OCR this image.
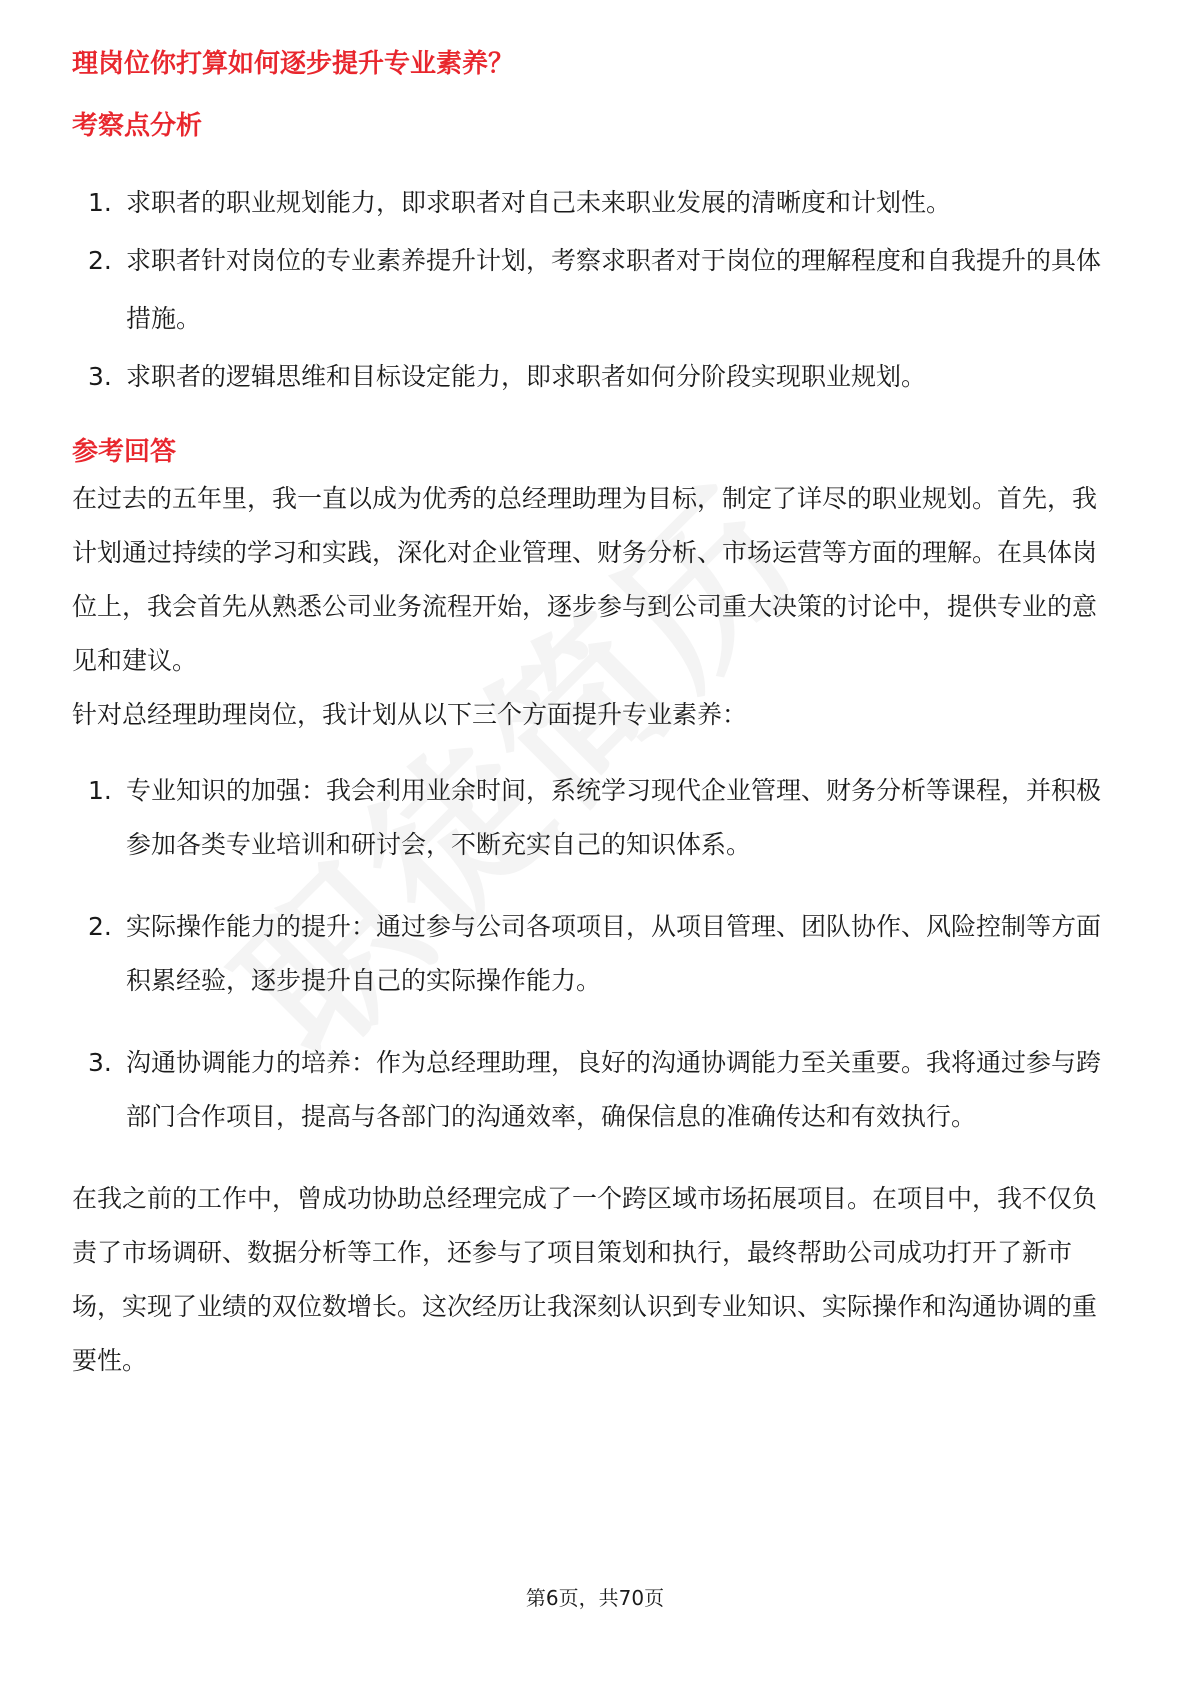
理岗位你打算如何逐步提升专业素养？
考察点分析
1. 求职者的职业规划能力，即求职者对自己未来职业发展的清晰度和计划性。
2. 求职者针对岗位的专业素养提升计划，考察求职者对于岗位的理解程度和自我提升的具体措施。
3. 求职者的逻辑思维和目标设定能力，即求职者如何分阶段实现职业规划。
参考回答

在过去的五年里，我一直以成为优秀的总经理助理为目标，制定了详尽的职业规划。首先，我计划通过持续的学习和实践，深化对企业管理、财务分析、市场运营等方面的理解。在具体岗位上，我会首先从熟悉公司业务流程开始，逐步参与到公司重大决策的讨论中，提供专业的意见和建议。

针对总经理助理岗位，我计划从以下三个方面提升专业素养：

1. 专业知识的加强：我会利用业余时间，系统学习现代企业管理、财务分析等课程，并积极参加各类专业培训和研讨会，不断充实自己的知识体系。
2. 实际操作能力的提升：通过参与公司各项项目，从项目管理、团队协作、风险控制等方面积累经验，逐步提升自己的实际操作能力。
3. 沟通协调能力的培养：作为总经理助理，良好的沟通协调能力至关重要。我将通过参与跨部门合作项目，提高与各部门的沟通效率，确保信息的准确传达和有效执行。

在我之前的工作中，曾成功协助总经理完成了一个跨区域市场拓展项目。在项目中，我不仅负责了市场调研、数据分析等工作，还参与了项目策划和执行，最终帮助公司成功打开了新市场，实现了业绩的双位数增长。这次经历让我深刻认识到专业知识、实际操作和沟通协调的重要性。

第6页，共70页
